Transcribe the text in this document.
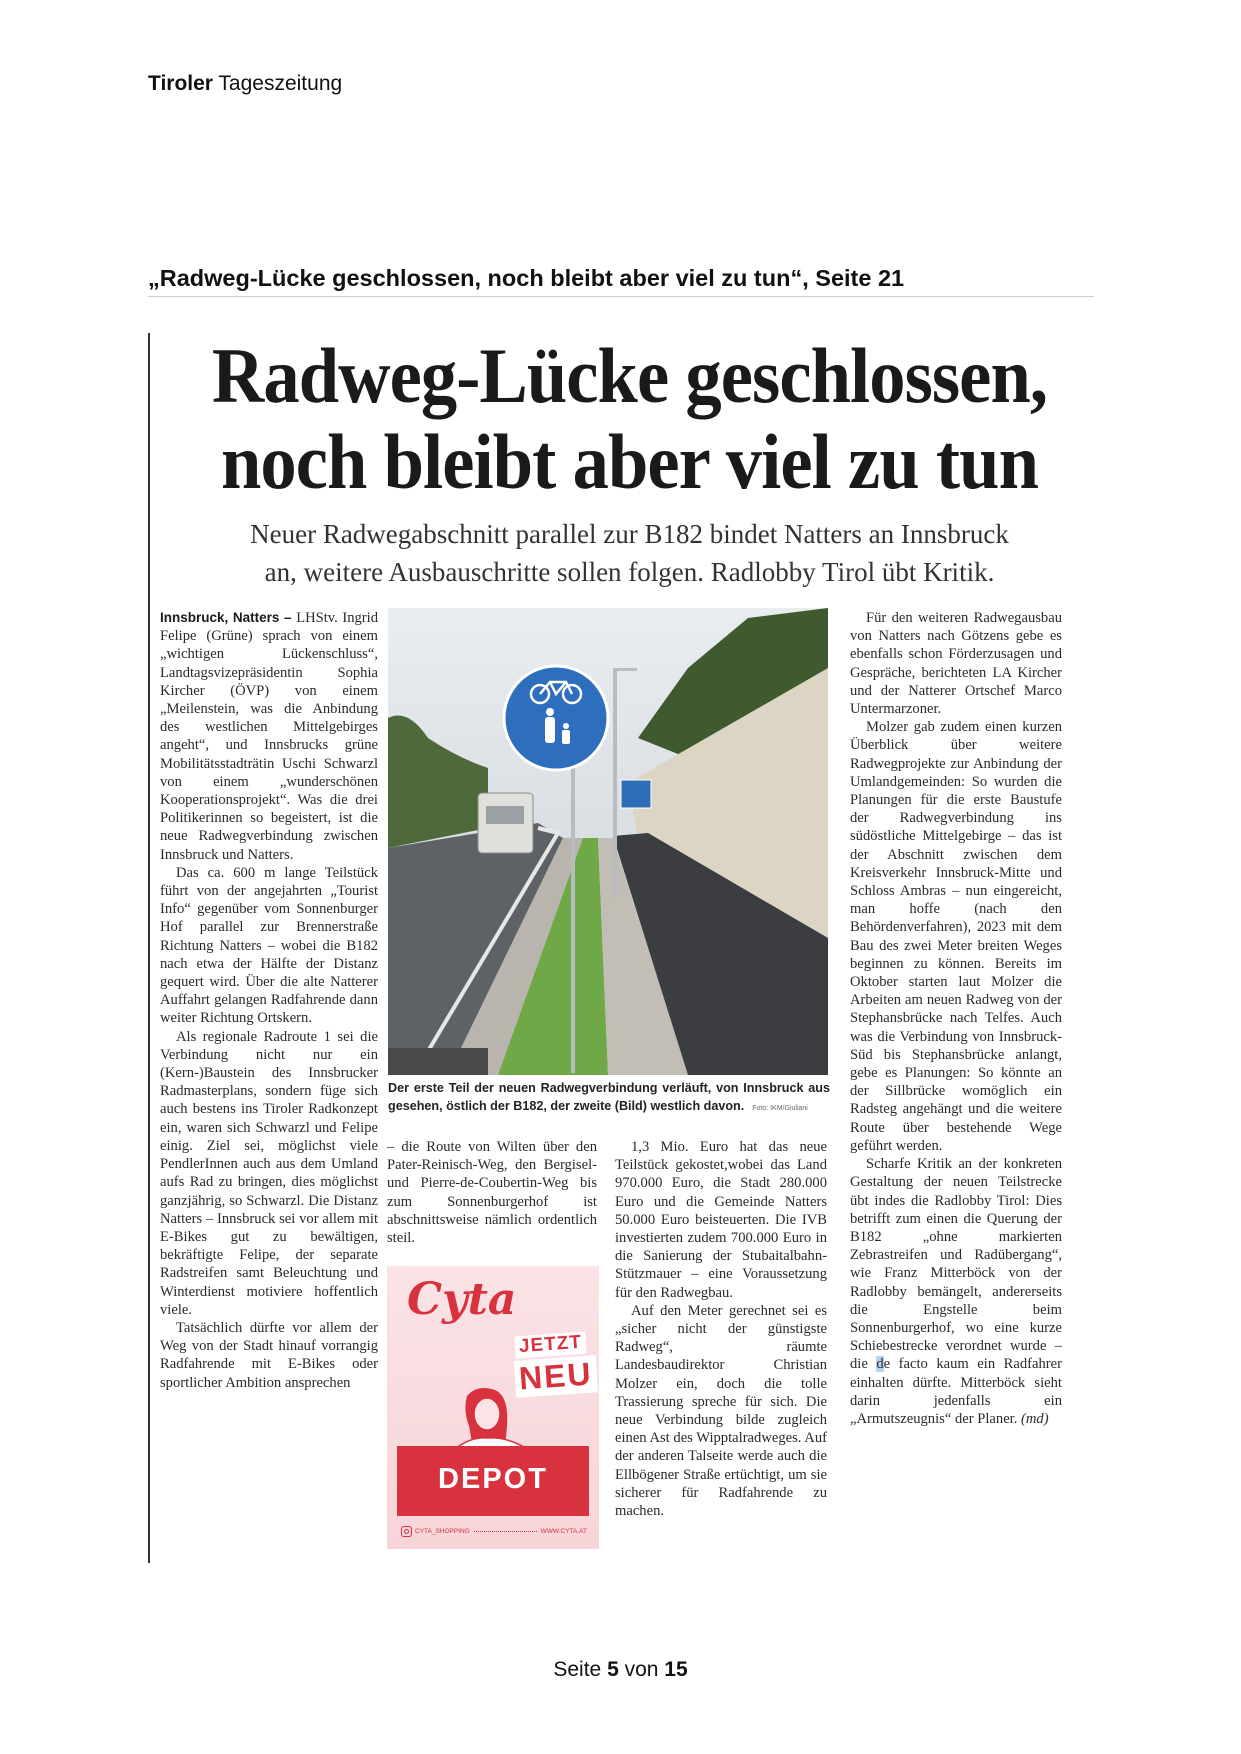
Tiroler Tageszeitung
„Radweg-Lücke geschlossen, noch bleibt aber viel zu tun“, Seite 21
Radweg-Lücke geschlossen,
noch bleibt aber viel zu tun
Neuer Radwegabschnitt parallel zur B182 bindet Natters an Innsbruck
an, weitere Ausbauschritte sollen folgen. Radlobby Tirol übt Kritik.

Innsbruck, Natters – LHStv. Ingrid Felipe (Grüne) sprach von einem „wichtigen Lückenschluss“, Landtagsvizepräsidentin Sophia Kircher (ÖVP) von einem „Meilenstein, was die Anbindung des westlichen Mittelgebirges angeht“, und Innsbrucks grüne Mobilitätsstadträtin Uschi Schwarzl von einem „wunderschönen Kooperationsprojekt“. Was die drei Politikerinnen so begeistert, ist die neue Radwegverbindung zwischen Innsbruck und Natters.

Das ca. 600 m lange Teilstück führt von der angejahrten „Tourist Info“ gegenüber vom Sonnenburger Hof parallel zur Brennerstraße Richtung Natters – wobei die B182 nach etwa der Hälfte der Distanz gequert wird. Über die alte Natterer Auffahrt gelangen Radfahrende dann weiter Richtung Ortskern.

Als regionale Radroute 1 sei die Verbindung nicht nur ein (Kern-)Baustein des Innsbrucker Radmasterplans, sondern füge sich auch bestens ins Tiroler Radkonzept ein, waren sich Schwarzl und Felipe einig. Ziel sei, möglichst viele PendlerInnen auch aus dem Umland aufs Rad zu bringen, dies möglichst ganzjährig, so Schwarzl. Die Distanz Natters – Innsbruck sei vor allem mit E-Bikes gut zu bewältigen, bekräftigte Felipe, der separate Radstreifen samt Beleuchtung und Winterdienst motiviere hoffentlich viele.

Tatsächlich dürfte vor allem der Weg von der Stadt hinauf vorrangig Radfahrende mit E-Bikes oder sportlicher Ambition ansprechen

Der erste Teil der neuen Radwegverbindung verläuft, von Innsbruck aus gesehen, östlich der B182, der zweite (Bild) westlich davon. Foto: IKM/Giuliani

– die Route von Wilten über den Pater-Reinisch-Weg, den Bergisel- und Pierre-de-Coubertin-Weg bis zum Sonnenburgerhof ist abschnittsweise nämlich ordentlich steil.

Cyta
JETZT
NEU
DEPOT
CYTA_SHOPPING	WWW.CYTA.AT

1,3 Mio. Euro hat das neue Teilstück gekostet,wobei das Land 970.000 Euro, die Stadt 280.000 Euro und die Gemeinde Natters 50.000 Euro beisteuerten. Die IVB investierten zudem 700.000 Euro in die Sanierung der Stubaitalbahn-Stützmauer – eine Voraussetzung für den Radwegbau.

Auf den Meter gerechnet sei es „sicher nicht der günstigste Radweg“, räumte Landesbaudirektor Christian Molzer ein, doch die tolle Trassierung spreche für sich. Die neue Verbindung bilde zugleich einen Ast des Wipptalradweges. Auf der anderen Talseite werde auch die Ellbögener Straße ertüchtigt, um sie sicherer für Radfahrende zu machen.

Für den weiteren Radwegausbau von Natters nach Götzens gebe es ebenfalls schon Förderzusagen und Gespräche, berichteten LA Kircher und der Natterer Ortschef Marco Untermarzoner.

Molzer gab zudem einen kurzen Überblick über weitere Radwegprojekte zur Anbindung der Umlandgemeinden: So wurden die Planungen für die erste Baustufe der Radwegverbindung ins südöstliche Mittelgebirge – das ist der Abschnitt zwischen dem Kreisverkehr Innsbruck-Mitte und Schloss Ambras – nun eingereicht, man hoffe (nach den Behördenverfahren), 2023 mit dem Bau des zwei Meter breiten Weges beginnen zu können. Bereits im Oktober starten laut Molzer die Arbeiten am neuen Radweg von der Stephansbrücke nach Telfes. Auch was die Verbindung von Innsbruck-Süd bis Stephansbrücke anlangt, gebe es Planungen: So könnte an der Sillbrücke womöglich ein Radsteg angehängt und die weitere Route über bestehende Wege geführt werden.

Scharfe Kritik an der konkreten Gestaltung der neuen Teilstrecke übt indes die Radlobby Tirol: Dies betrifft zum einen die Querung der B182 „ohne markierten Zebrastreifen und Radübergang“, wie Franz Mitterböck von der Radlobby bemängelt, andererseits die Engstelle beim Sonnenburgerhof, wo eine kurze Schiebestrecke verordnet wurde – die de facto kaum ein Radfahrer einhalten dürfte. Mitterböck sieht darin jedenfalls ein „Armutszeugnis“ der Planer. (md)

Seite 5 von 15
